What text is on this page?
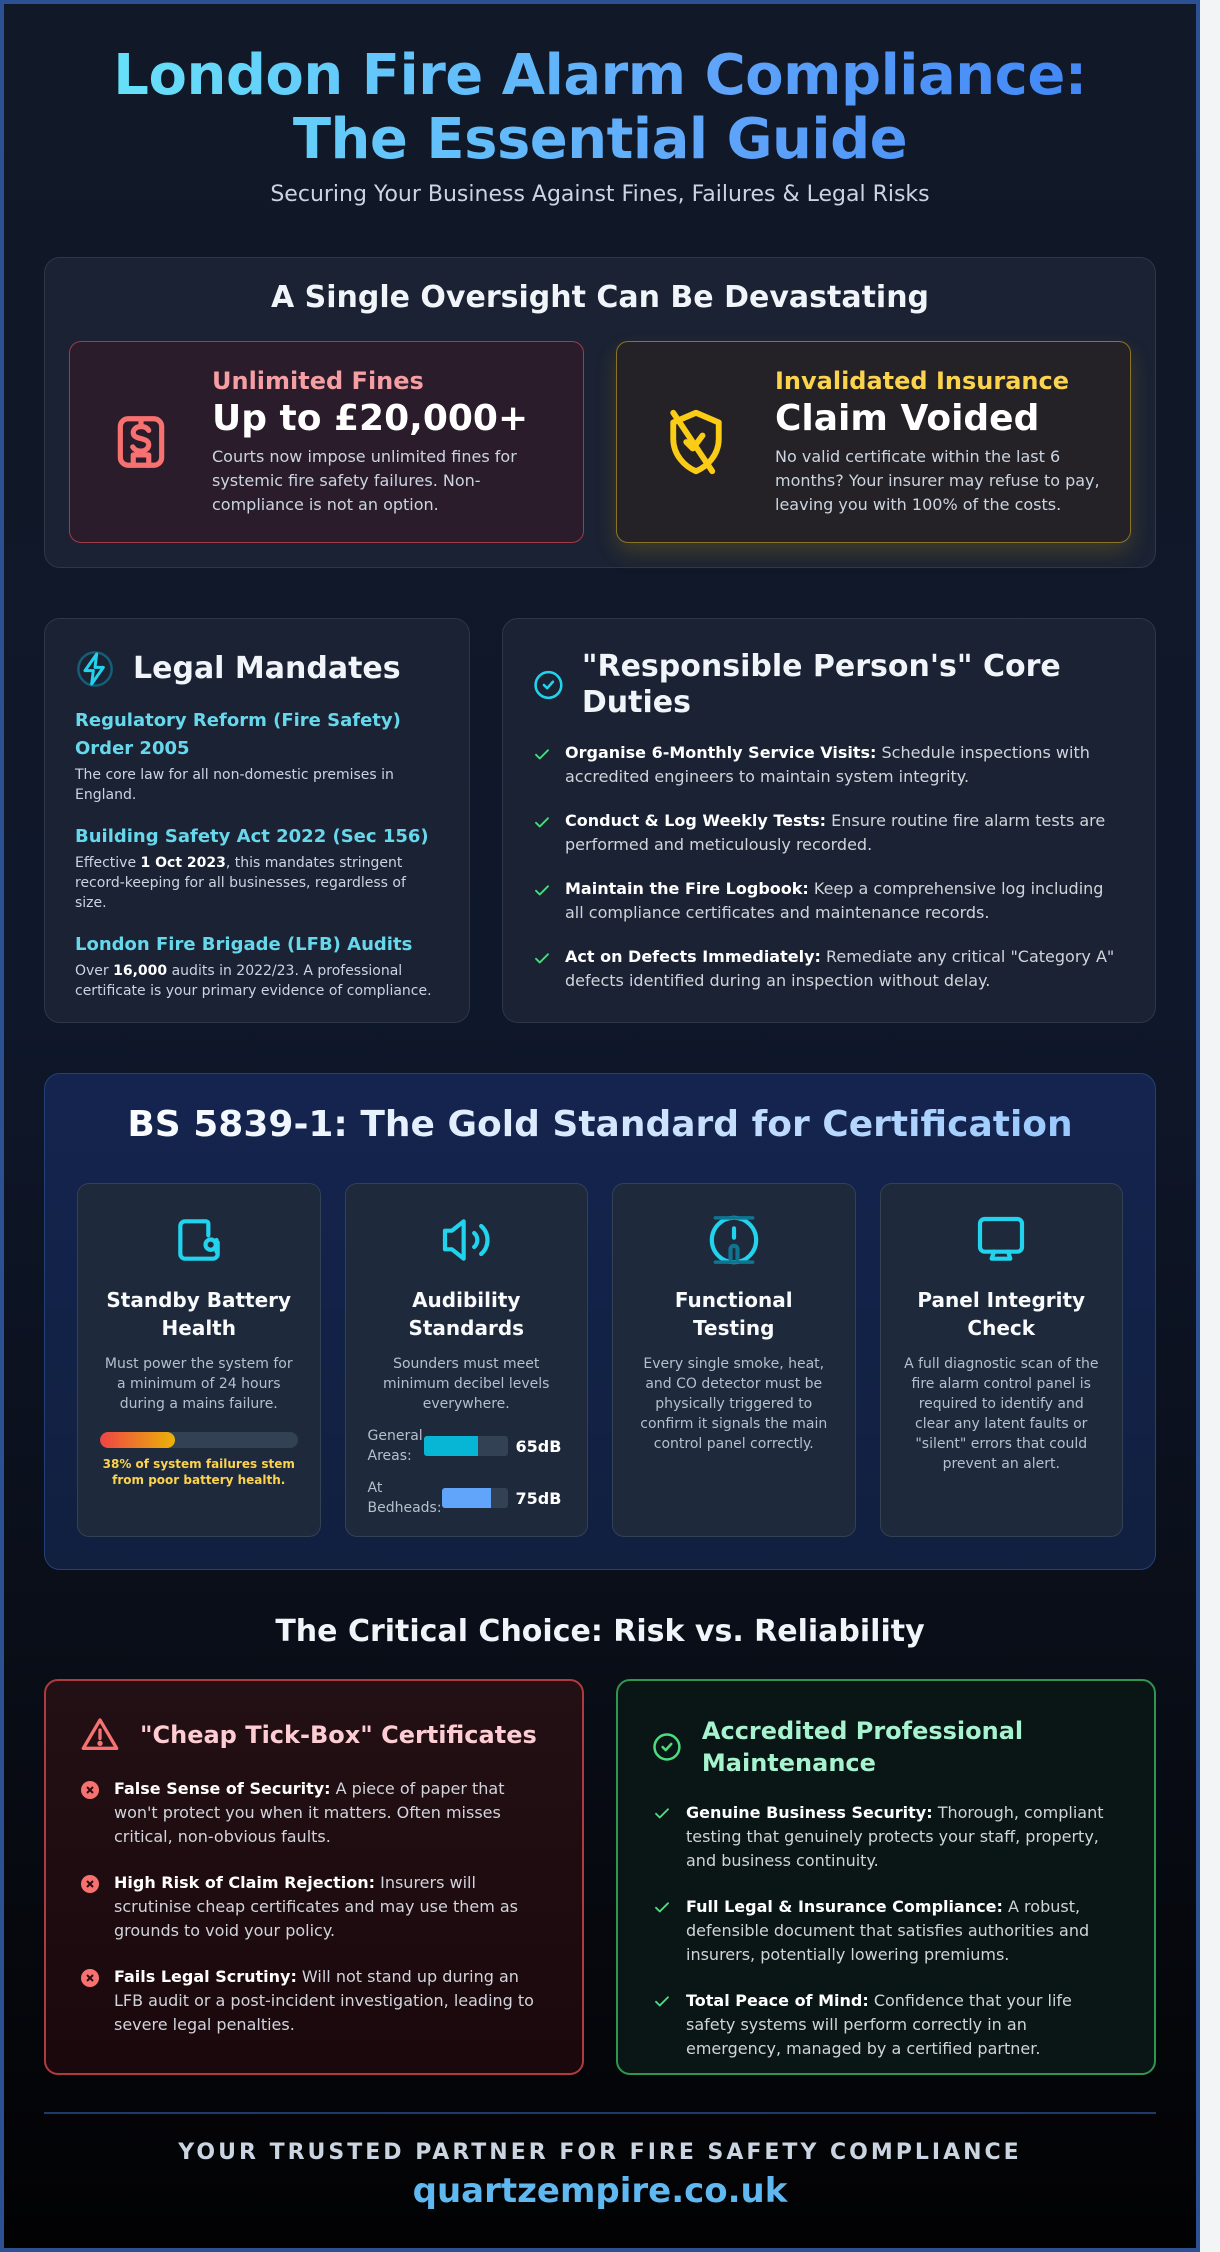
London Fire Alarm Compliance:
The Essential Guide

Securing Your Business Against Fines, Failures & Legal Risks

A Single Oversight Can Be Devastating
Unlimited Fines
Up to £20,000+

Courts now impose unlimited fines for systemic fire safety failures. Non-compliance is not an option.

Invalidated Insurance
Claim Voided

No valid certificate within the last 6 months? Your insurer may refuse to pay, leaving you with 100% of the costs.

Legal Mandates
Regulatory Reform (Fire Safety) Order 2005

The core law for all non-domestic premises in England.

Building Safety Act 2022 (Sec 156)

Effective 1 Oct 2023, this mandates stringent record-keeping for all businesses, regardless of size.

London Fire Brigade (LFB) Audits

Over 16,000 audits in 2022/23. A professional certificate is your primary evidence of compliance.

"Responsible Person's" Core Duties

Organise 6-Monthly Service Visits: Schedule inspections with accredited engineers to maintain system integrity.

Conduct & Log Weekly Tests: Ensure routine fire alarm tests are performed and meticulously recorded.

Maintain the Fire Logbook: Keep a comprehensive log including all compliance certificates and maintenance records.

Act on Defects Immediately: Remediate any critical "Category A" defects identified during an inspection without delay.

BS 5839-1: The Gold Standard for Certification
Standby Battery Health

Must power the system for a minimum of 24 hours during a mains failure.

38% of system failures stem from poor battery health.

Audibility Standards

Sounders must meet minimum decibel levels everywhere.

General Areas:
65dB
At Bedheads:
75dB
Functional Testing

Every single smoke, heat, and CO detector must be physically triggered to confirm it signals the main control panel correctly.

Panel Integrity Check

A full diagnostic scan of the fire alarm control panel is required to identify and clear any latent faults or "silent" errors that could prevent an alert.

The Critical Choice: Risk vs. Reliability
"Cheap Tick-Box" Certificates

False Sense of Security: A piece of paper that won't protect you when it matters. Often misses critical, non-obvious faults.

High Risk of Claim Rejection: Insurers will scrutinise cheap certificates and may use them as grounds to void your policy.

Fails Legal Scrutiny: Will not stand up during an LFB audit or a post-incident investigation, leading to severe legal penalties.

Accredited Professional Maintenance

Genuine Business Security: Thorough, compliant testing that genuinely protects your staff, property, and business continuity.

Full Legal & Insurance Compliance: A robust, defensible document that satisfies authorities and insurers, potentially lowering premiums.

Total Peace of Mind: Confidence that your life safety systems will perform correctly in an emergency, managed by a certified partner.

YOUR TRUSTED PARTNER FOR FIRE SAFETY COMPLIANCE
quartzempire.co.uk
